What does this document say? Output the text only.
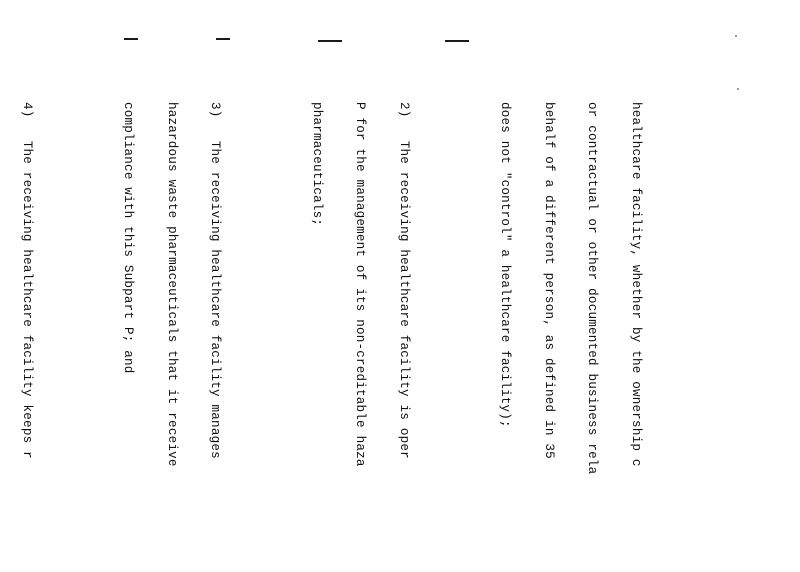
healthcare facility, whether by the ownership c

or contractual or other documented business rela

behalf of a different person, as defined in 35

does not "control" a healthcare facility);

2)   The receiving healthcare facility is oper

P for the management of its non-creditable haza

pharmaceuticals;

3)   The receiving healthcare facility manages

hazardous waste pharmaceuticals that it receive

compliance with this Subpart P; and

4)   The receiving healthcare facility keeps r
